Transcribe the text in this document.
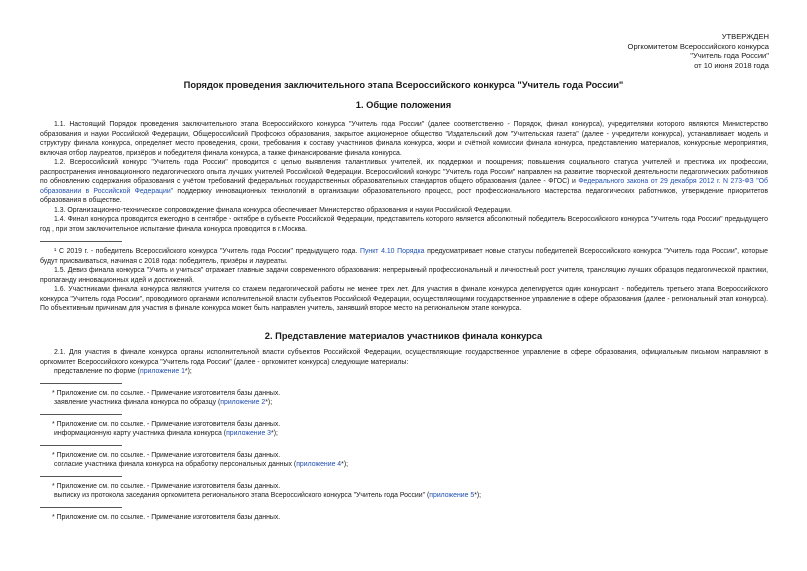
УТВЕРЖДЕН
Оргкомитетом Всероссийского конкурса
"Учитель года России"
от 10 июня 2018 года
Порядок проведения заключительного этапа Всероссийского конкурса "Учитель года России"
1. Общие положения

1.1. Настоящий Порядок проведения заключительного этапа Всероссийского конкурса "Учитель года России" (далее соответственно - Порядок, финал конкурса), учредителями которого являются Министерство образования и науки Российской Федерации, Общероссийский Профсоюз образования, закрытое акционерное общество "Издательский дом "Учительская газета" (далее - учредители конкурса), устанавливает модель и структуру финала конкурса, определяет место проведения, сроки, требования к составу участников финала конкурса, жюри и счётной комиссии финала конкурса, представлению материалов, конкурсные мероприятия, включая отбор лауреатов, призёров и победителя финала конкурса, а также финансирование финала конкурса.

1.2. Всероссийский конкурс "Учитель года России" проводится с целью выявления талантливых учителей, их поддержки и поощрения; повышения социального статуса учителей и престижа их профессии, распространения инновационного педагогического опыта лучших учителей Российской Федерации. Всероссийский конкурс "Учитель года России" направлен на развитие творческой деятельности педагогических работников по обновлению содержания образования с учётом требований федеральных государственных образовательных стандартов общего образования (далее - ФГОС) и Федерального закона от 29 декабря 2012 г. N 273-ФЗ "Об образовании в Российской Федерации" поддержку инновационных технологий в организации образовательного процесс, рост профессионального мастерства педагогических работников, утверждение приоритетов образования в обществе.

1.3. Организационно-техническое сопровождение финала конкурса обеспечивает Министерство образования и науки Российской Федерации.

1.4. Финал конкурса проводится ежегодно в сентябре - октябре в субъекте Российской Федерации, представитель которого является абсолютный победитель Всероссийского конкурса "Учитель года России" предыдущего год , при этом заключительное испытание финала конкурса проводится в г.Москва.

¹ С 2019 г. - победитель Всероссийского конкурса "Учитель года России" предыдущего года. Пункт 4.10 Порядка предусматривает новые статусы победителей Всероссийского конкурса "Учитель года России", которые будут присваиваться, начиная с 2018 года: победитель, призёры и лауреаты.

1.5. Девиз финала конкурса "Учить и учиться" отражает главные задачи современного образования: непрерывный профессиональный и личностный рост учителя, трансляцию лучших образцов педагогической практики, пропаганду инновационных идей и достижений.

1.6. Участниками финала конкурса являются учителя со стажем педагогической работы не менее трех лет. Для участия в финале конкурса делегируется один конкурсант - победитель третьего этапа Всероссийского конкурса "Учитель года России", проводимого органами исполнительной власти субъектов Российской Федерации, осуществляющими государственное управление в сфере образования (далее - региональный этап конкурса). По объективным причинам для участия в финале конкурса может быть направлен учитель, занявший второе место на региональном этапе конкурса.

2. Представление материалов участников финала конкурса

2.1. Для участия в финале конкурса органы исполнительной власти субъектов Российской Федерации, осуществляющие государственное управление в сфере образования, официальным письмом направляют в оргкомитет Всероссийского конкурса "Учитель года России" (далее - оргкомитет конкурса) следующие материалы:

представление по форме (приложение 1*);
* Приложение см. по ссылке. - Примечание изготовителя базы данных.
заявление участника финала конкурса по образцу (приложение 2*);
* Приложение см. по ссылке. - Примечание изготовителя базы данных.
информационную карту участника финала конкурса (приложение 3*);
* Приложение см. по ссылке. - Примечание изготовителя базы данных.
согласие участника финала конкурса на обработку персональных данных (приложение 4*);
* Приложение см. по ссылке. - Примечание изготовителя базы данных.
выписку из протокола заседания оргкомитета регионального этапа Всероссийского конкурса "Учитель года России" (приложение 5*);
* Приложение см. по ссылке. - Примечание изготовителя базы данных.
